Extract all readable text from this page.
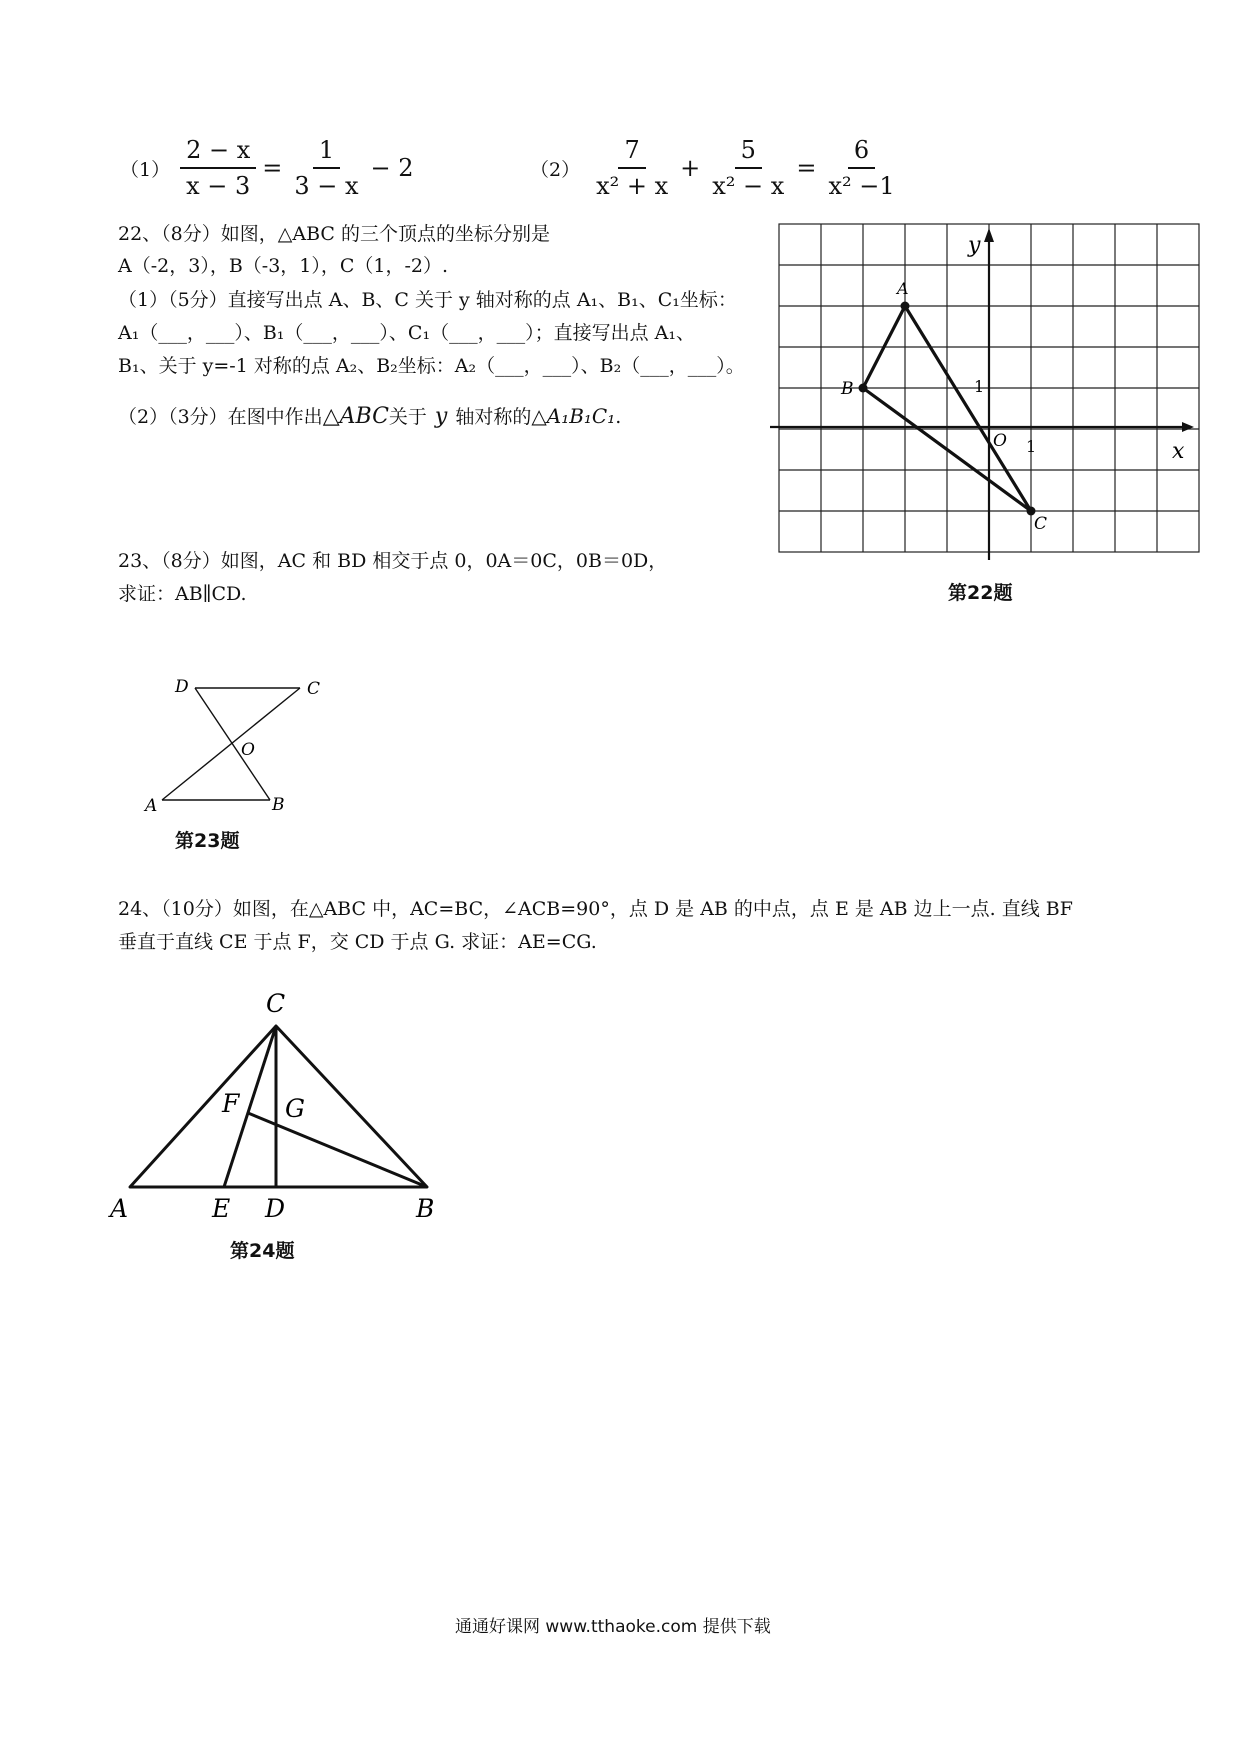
$(1) \frac{2 - x}{x - 3} = \frac{1}{3 - x} - 2$	$(2) \frac{7}{\text{x² + x}} + \frac{5}{\text{x² − x}} = \frac{6}{\text{x² −1}}$
22、（8分）如图，△ABC 的三个顶点的坐标分别是
A（-2，3），B（-3，1），C（1，-2）.
（1）（5分）直接写出点 A、B、C 关于 y 轴对称的点 A₁、B₁、C₁坐标：
A₁（___，___）、B₁（___，___）、C₁（___，___）；直接写出点 A₁、
B₁、关于 y=-1 对称的点 A₂、B₂坐标：A₂（___，___）、B₂（___，___）。
（2）（3分）在图中作出△ABC关于 y 轴对称的△A₁B₁C₁.
A
B
C
O	x
y
1
1
第22题
23、（8分）如图，AC 和 BD 相交于点 0，0A＝0C，0B＝0D，
求证：AB∥CD.
D	C
O
A	B
第23题
24、（10分）如图，在△ABC 中，AC=BC，∠ACB=90°，点 D 是 AB 的中点，点 E 是 AB 边上一点. 直线 BF
垂直于直线 CE 于点 F，交 CD 于点 G. 求证：AE=CG.
C
F G
A	E D	B
第24题
通通好课网 www.tthaoke.com 提供下载
